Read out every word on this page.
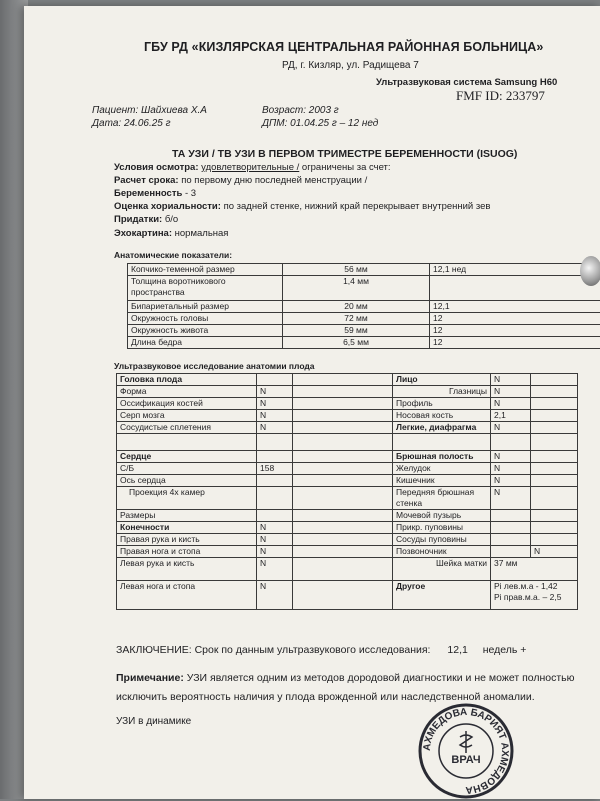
ГБУ РД «КИЗЛЯРСКАЯ ЦЕНТРАЛЬНАЯ РАЙОННАЯ БОЛЬНИЦА»
РД, г. Кизляр, ул. Радищева 7
Ультразвуковая система Samsung H60
FMF ID: 233797
Пациент: Шайхиева Х.А
Дата: 24.06.25 г
Возраст: 2003 г
ДПМ: 01.04.25 г – 12 нед
ТА УЗИ / ТВ УЗИ В ПЕРВОМ ТРИМЕСТРЕ БЕРЕМЕННОСТИ (ISUOG)
Условия осмотра: удовлетворительные / ограничены за счет:
Расчет срока: по первому дню последней менструации /
Беременность - 3
Оценка хориальности: по задней стенке, нижний край перекрывает внутренний зев
Придатки: б/о
Эхокартина: нормальная
Анатомические показатели:
Копчико-теменной размер	56 мм	12,1 нед
Толщина воротникового пространства	1,4 мм	
Бипариетальный размер	20 мм	12,1
Окружность головы	72 мм	12
Окружность живота	59 мм	12
Длина бедра	6,5 мм	12
Ультразвуковое исследование анатомии плода
Головка плода			Лицо	N	
Форма	N		Глазницы	N	
Оссификация костей	N		Профиль	N	
Серп мозга	N		Носовая кость	2,1	
Сосудистые сплетения	N		Легкие, диафрагма	N	

Сердце			Брюшная полость	N	
С/Б	158		Желудок	N	
Ось сердца			Кишечник	N	
Проекция 4х камер			Передняя брюшная стенка	N	
Размеры			Мочевой пузырь		
Конечности	N		Прикр. пуповины		
Правая рука и кисть	N		Сосуды пуповины		
Правая нога и стопа	N		Позвоночник		N
Левая рука и кисть	N		Шейка матки	37 мм	
Левая нога и стопа	N		Другое	Pi лев.м.а - 1,42
Pi прав.м.а. – 2,5	
ЗАКЛЮЧЕНИЕ: Срок по данным ультразвукового исследования: 12,1 недель +
Примечание: УЗИ является одним из методов дородовой диагностики и не может полностью исключить вероятность наличия у плода врожденной или наследственной аномалии.
УЗИ в динамике
АХМЕДОВА БАРИЯТ АХМЕДОВНА
ВРАЧ
